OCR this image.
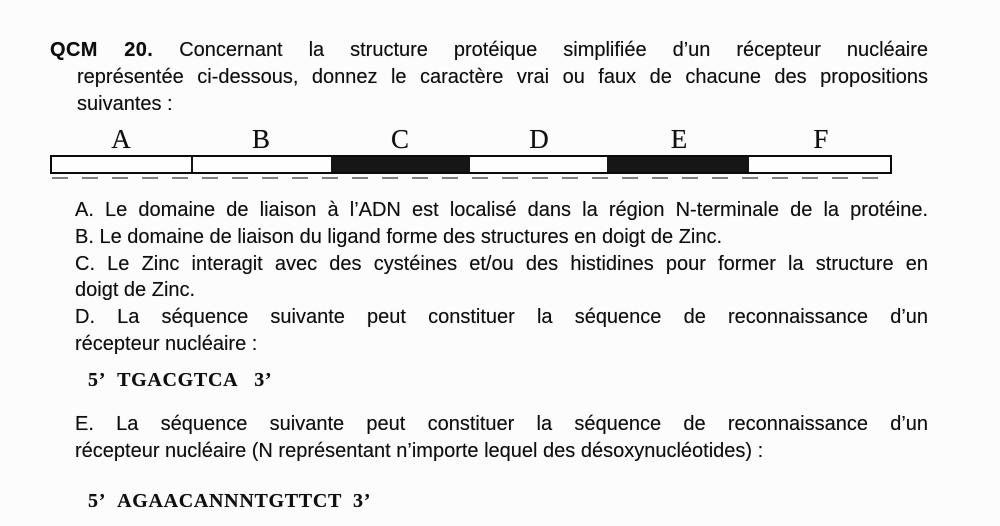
QCM 20. Concernant la structure protéique simplifiée d’un récepteur nucléaire
représentée ci-dessous, donnez le caractère vrai ou faux de chacune des propositions
suivantes :
A	B	C	D	E	F
A. Le domaine de liaison à l’ADN est localisé dans la région N-terminale de la protéine.
B. Le domaine de liaison du ligand forme des structures en doigt de Zinc.
C. Le Zinc interagit avec des cystéines et/ou des histidines pour former la structure en
doigt de Zinc.
D. La séquence suivante peut constituer la séquence de reconnaissance d’un
récepteur nucléaire :
5’ TGACGTCA 3’
E. La séquence suivante peut constituer la séquence de reconnaissance d’un
récepteur nucléaire (N représentant n’importe lequel des désoxynucléotides) :
5’ AGAACANNNTGTTCT 3’
